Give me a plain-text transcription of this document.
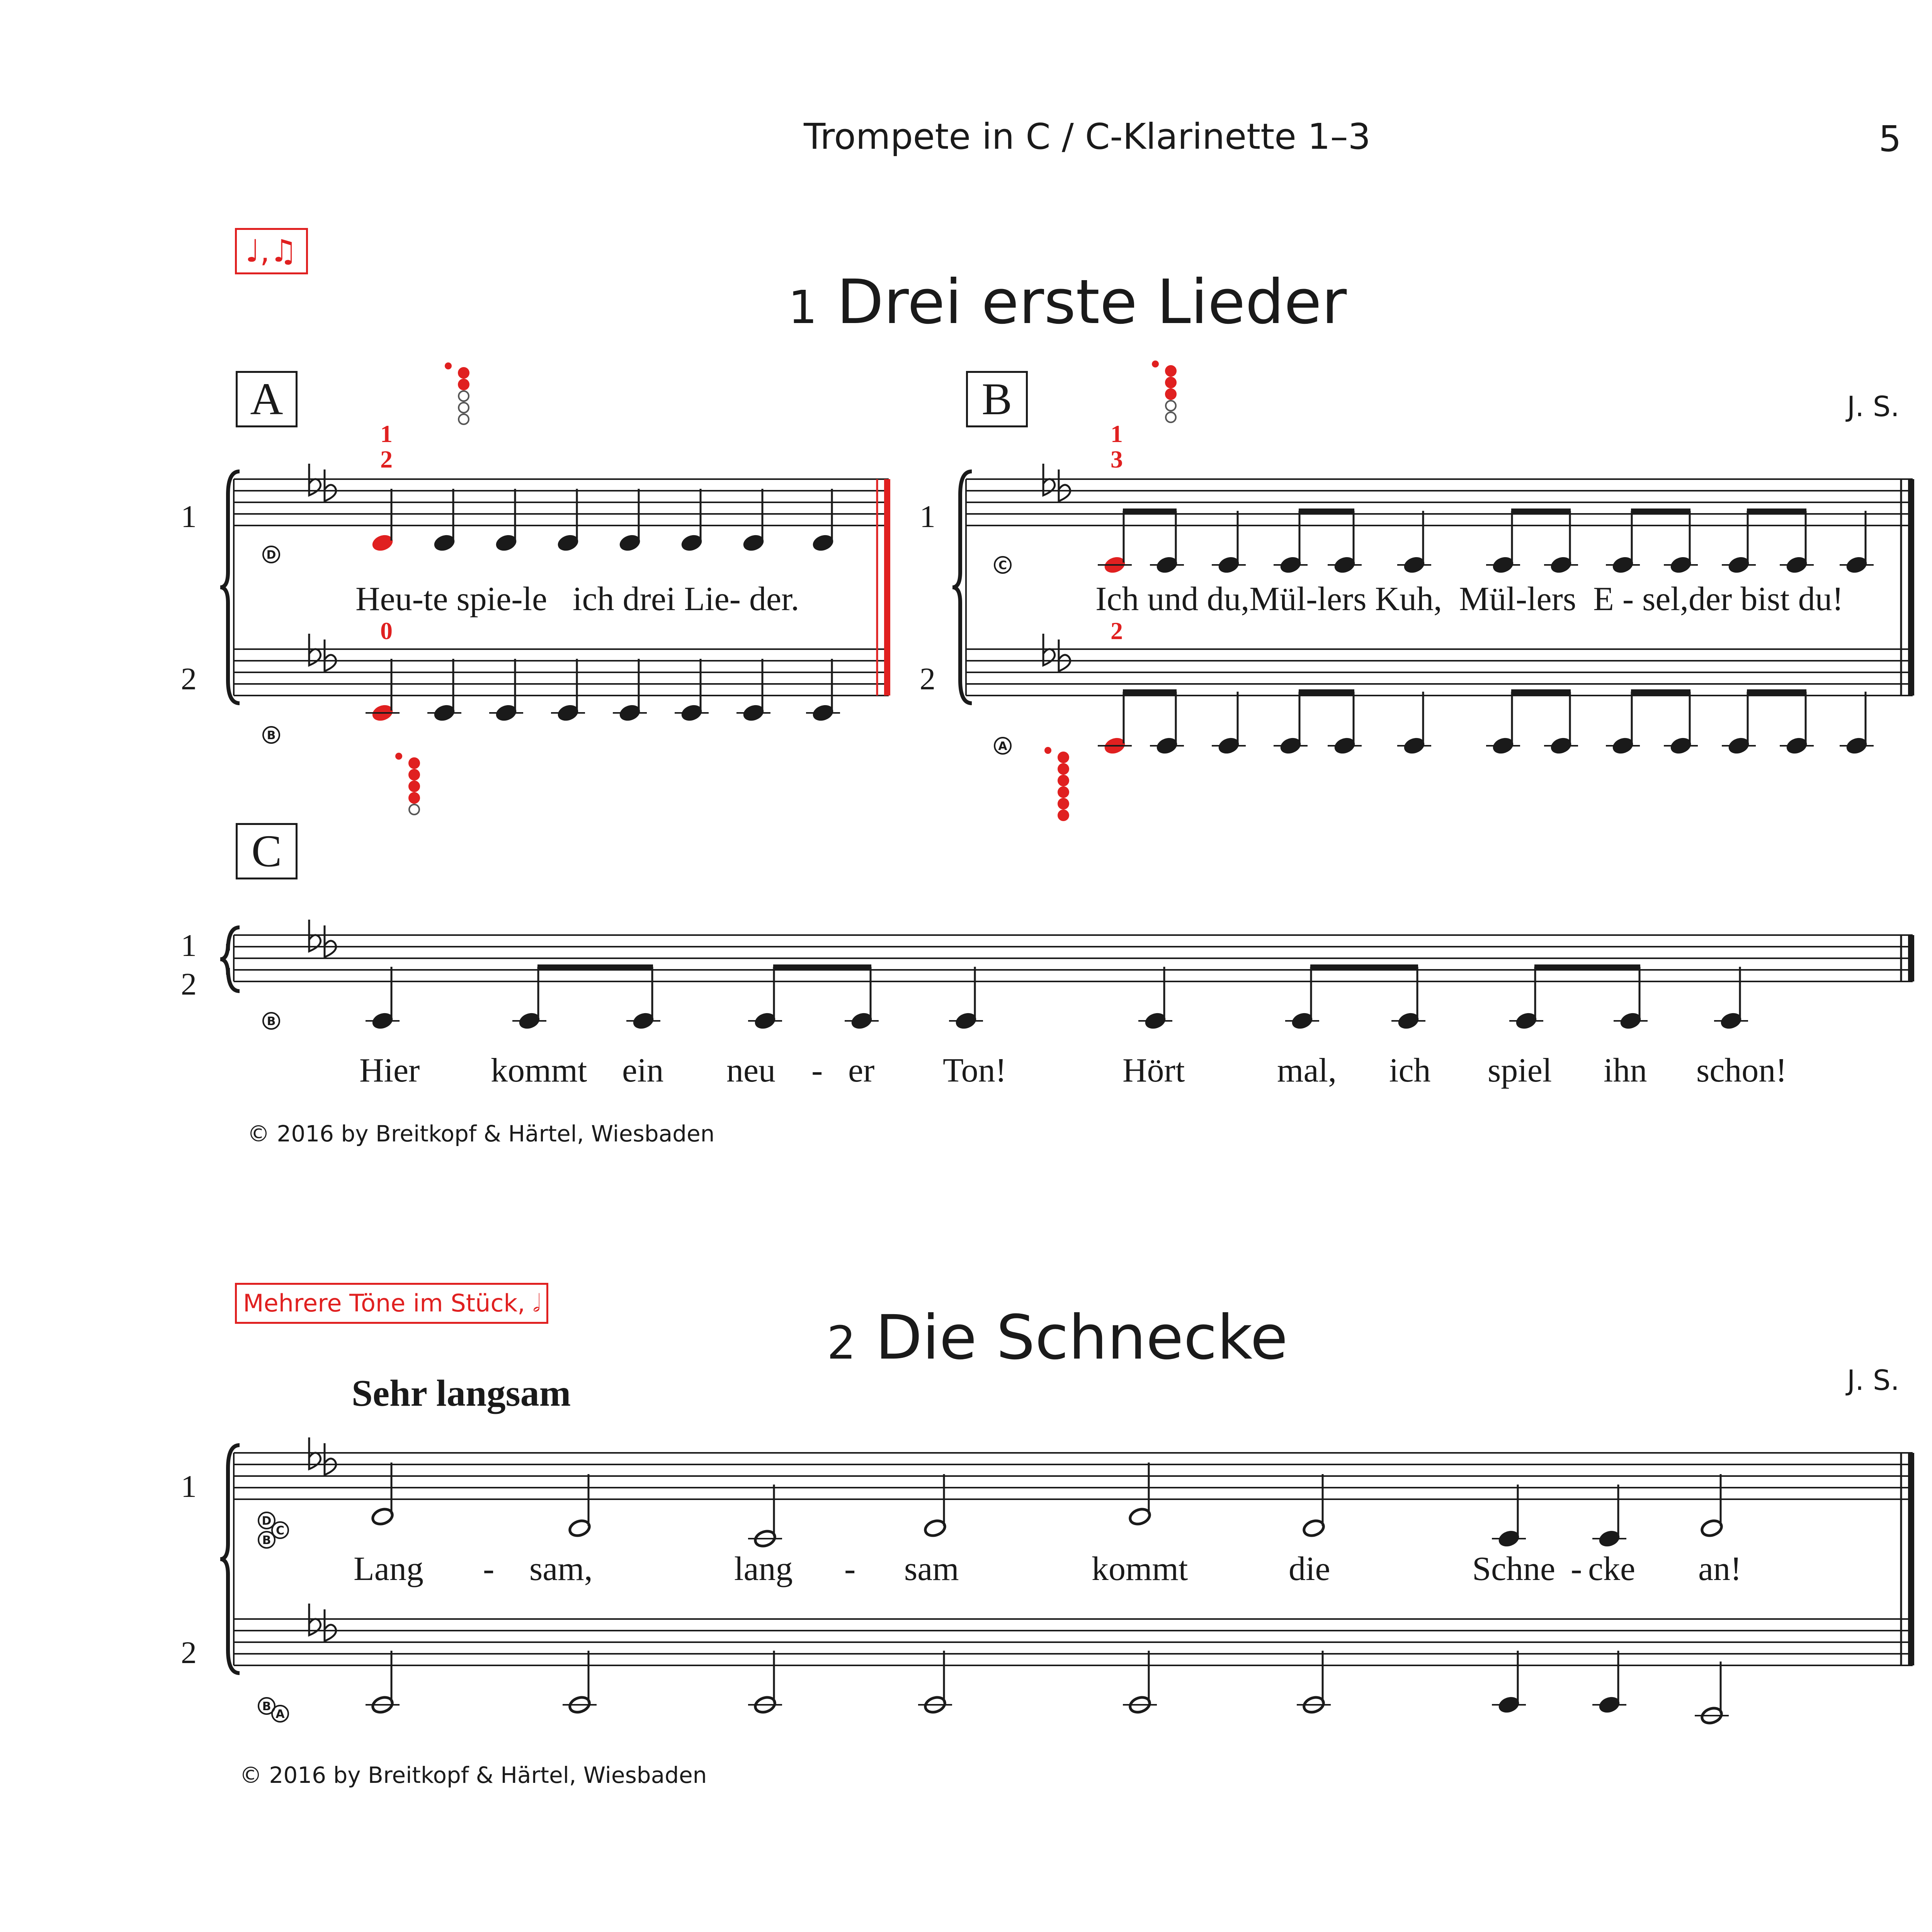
Trompete in C / C-Klarinette 1–3	5
♩,♫
1 Drei erste Lieder
J. S.
A	B
C
1
2
0
1
3
2
1
2
1
2
1
2
Heu-te spie-le ich drei Lie- der.	Ich und du,Mül-lers Kuh, Mül-lers E - sel,der bist du!
Hier kommt ein neu - er Ton!	Hört	mal, ich spiel ihn schon!
© 2016 by Breitkopf & Härtel, Wiesbaden
Mehrere Töne im Stück, 𝅗𝅥
2 Die Schnecke
J. S.
Sehr langsam
1
2
Lang - sam,	lang - sam	kommt	die	Schne - cke an!
© 2016 by Breitkopf & Härtel, Wiesbaden

D
B
C
A
B
D
C
B
B
A
